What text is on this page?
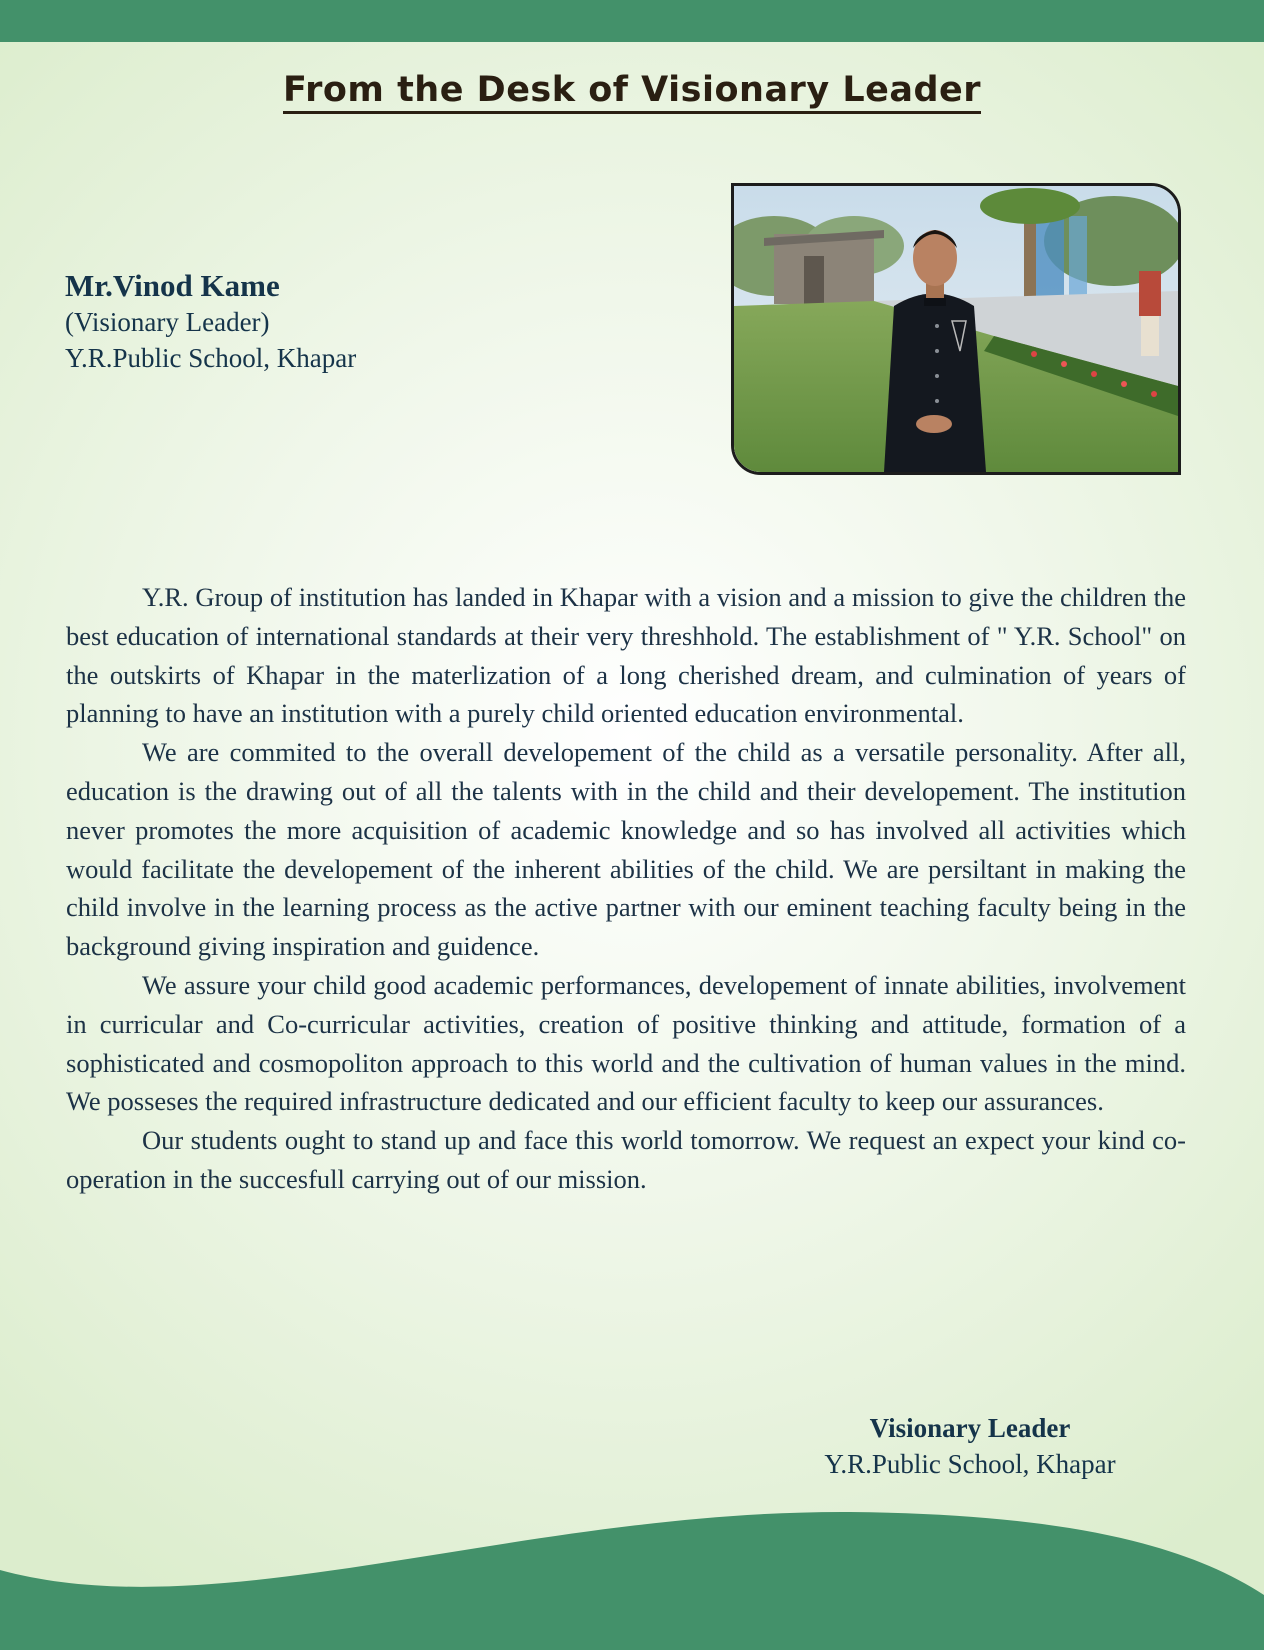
From the Desk of Visionary Leader
Mr.Vinod Kame
(Visionary Leader)
Y.R.Public School, Khapar

Y.R. Group of institution has landed in Khapar with a vision and a mission to give the children the best education of international standards at their very threshhold. The establishment of " Y.R. School" on the outskirts of Khapar in the materlization of a long cherished dream, and culmination of years of planning to have an institution with a purely child oriented education environmental.

We are commited to the overall developement of the child as a versatile personality. After all, education is the drawing out of all the talents with in the child and their developement. The institution never promotes the more acquisition of academic knowledge and so has involved all activities which would facilitate the developement of the inherent abilities of the child. We are persiltant in making the child involve in the learning process as the active partner with our eminent teaching faculty being in the background giving inspiration and guidence.

We assure your child good academic performances, developement of innate abilities, involvement in curricular and Co-curricular activities, creation of positive thinking and attitude, formation of a sophisticated and cosmopoliton approach to this world and the cultivation of human values in the mind. We posseses the required infrastructure dedicated and our efficient faculty to keep our assurances.

Our students ought to stand up and face this world tomorrow. We request an expect your kind co-operation in the succesfull carrying out of our mission.

Visionary Leader
Y.R.Public School, Khapar
